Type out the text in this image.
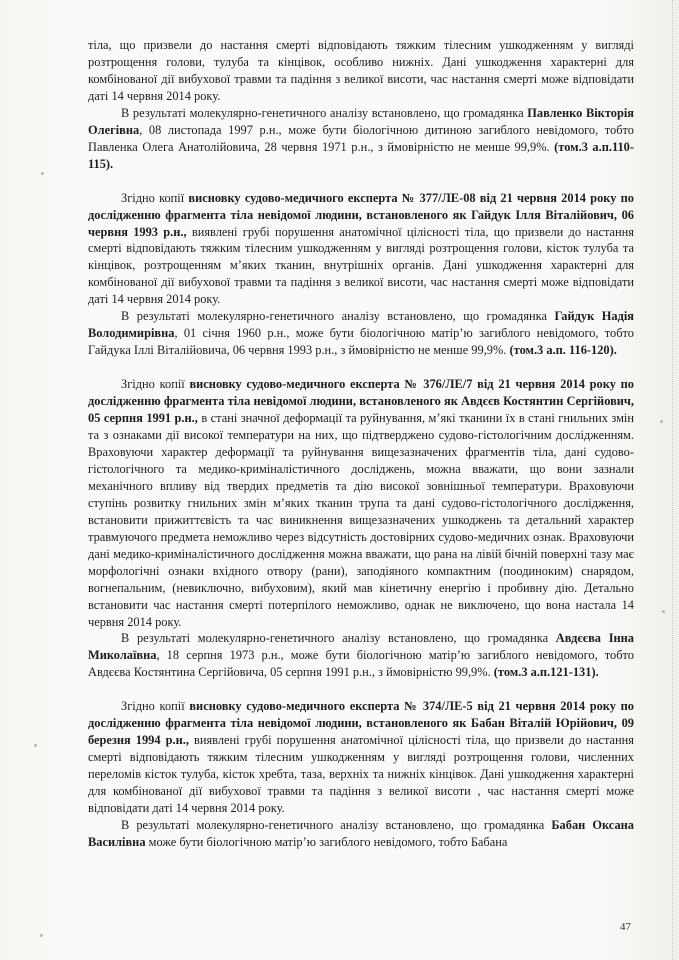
тіла, що призвели до настання смерті відповідають тяжким тілесним ушкодженням у вигляді розтрощення голови, тулуба та кінцівок, особливо нижніх. Дані ушкодження характерні для комбінованої дії вибухової травми та падіння з великої висоти, час настання смерті може відповідати даті 14 червня 2014 року.

В результаті молекулярно-генетичного аналізу встановлено, що громадянка Павленко Вікторія Олегівна, 08 листопада 1997 р.н., може бути біологічною дитиною загиблого невідомого, тобто Павленка Олега Анатолійовича, 28 червня 1971 р.н., з ймовірністю не менше 99,9%. (том.3 а.п.110-115).

Згідно копії висновку судово-медичного експерта № 377/ЛЕ-08 від 21 червня 2014 року по дослідженню фрагмента тіла невідомої людини, встановленого як Гайдук Ілля Віталійович, 06 червня 1993 р.н., виявлені грубі порушення анатомічної цілісності тіла, що призвели до настання смерті відповідають тяжким тілесним ушкодженням у вигляді розтрощення голови, кісток тулуба та кінцівок, розтрощенням м’яких тканин, внутрішніх органів. Дані ушкодження характерні для комбінованої дії вибухової травми та падіння з великої висоти, час настання смерті може відповідати даті 14 червня 2014 року.

В результаті молекулярно-генетичного аналізу встановлено, що громадянка Гайдук Надія Володимирівна, 01 січня 1960 р.н., може бути біологічною матір’ю загиблого невідомого, тобто Гайдука Іллі Віталійовича, 06 червня 1993 р.н., з ймовірністю не менше 99,9%. (том.3 а.п. 116-120).

Згідно копії висновку судово-медичного експерта № 376/ЛЕ/7 від 21 червня 2014 року по дослідженню фрагмента тіла невідомої людини, встановленого як Авдєєв Костянтин Сергійович, 05 серпня 1991 р.н., в стані значної деформації та руйнування, м’які тканини їх в стані гнильних змін та з ознаками дії високої температури на них, що підтверджено судово-гістологічним дослідженням. Враховуючи характер деформації та руйнування вищезазначених фрагментів тіла, дані судово-гістологічного та медико-криміналістичного досліджень, можна вважати, що вони зазнали механічного впливу від твердих предметів та дію високої зовнішньої температури. Враховуючи ступінь розвитку гнильних змін м’яких тканин трупа та дані судово-гістологічного дослідження, встановити прижиттєвість та час виникнення вищезазначених ушкоджень та детальний характер травмуючого предмета неможливо через відсутність достовірних судово-медичних ознак. Враховуючи дані медико-криміналістичного дослідження можна вважати, що рана на лівій бічній поверхні тазу має морфологічні ознаки вхідного отвору (рани), заподіяного компактним (поодиноким) снарядом, вогнепальним, (невиключно, вибуховим), який мав кінетичну енергію і пробивну дію. Детально встановити час настання смерті потерпілого неможливо, однак не виключено, що вона настала 14 червня 2014 року.

В результаті молекулярно-генетичного аналізу встановлено, що громадянка Авдєєва Інна Миколаївна, 18 серпня 1973 р.н., може бути біологічною матір’ю загиблого невідомого, тобто Авдєєва Костянтина Сергійовича, 05 серпня 1991 р.н., з ймовірністю 99,9%. (том.3 а.п.121-131).

Згідно копії висновку судово-медичного експерта № 374/ЛЕ-5 від 21 червня 2014 року по дослідженню фрагмента тіла невідомої людини, встановленого як Бабан Віталій Юрійович, 09 березня 1994 р.н., виявлені грубі порушення анатомічної цілісності тіла, що призвели до настання смерті відповідають тяжким тілесним ушкодженням у вигляді розтрощення голови, численних переломів кісток тулуба, кісток хребта, таза, верхніх та нижніх кінцівок. Дані ушкодження характерні для комбінованої дії вибухової травми та падіння з великої висоти , час настання смерті може відповідати даті 14 червня 2014 року.

В результаті молекулярно-генетичного аналізу встановлено, що громадянка Бабан Оксана Василівна може бути біологічною матір’ю загиблого невідомого, тобто Бабана

47
